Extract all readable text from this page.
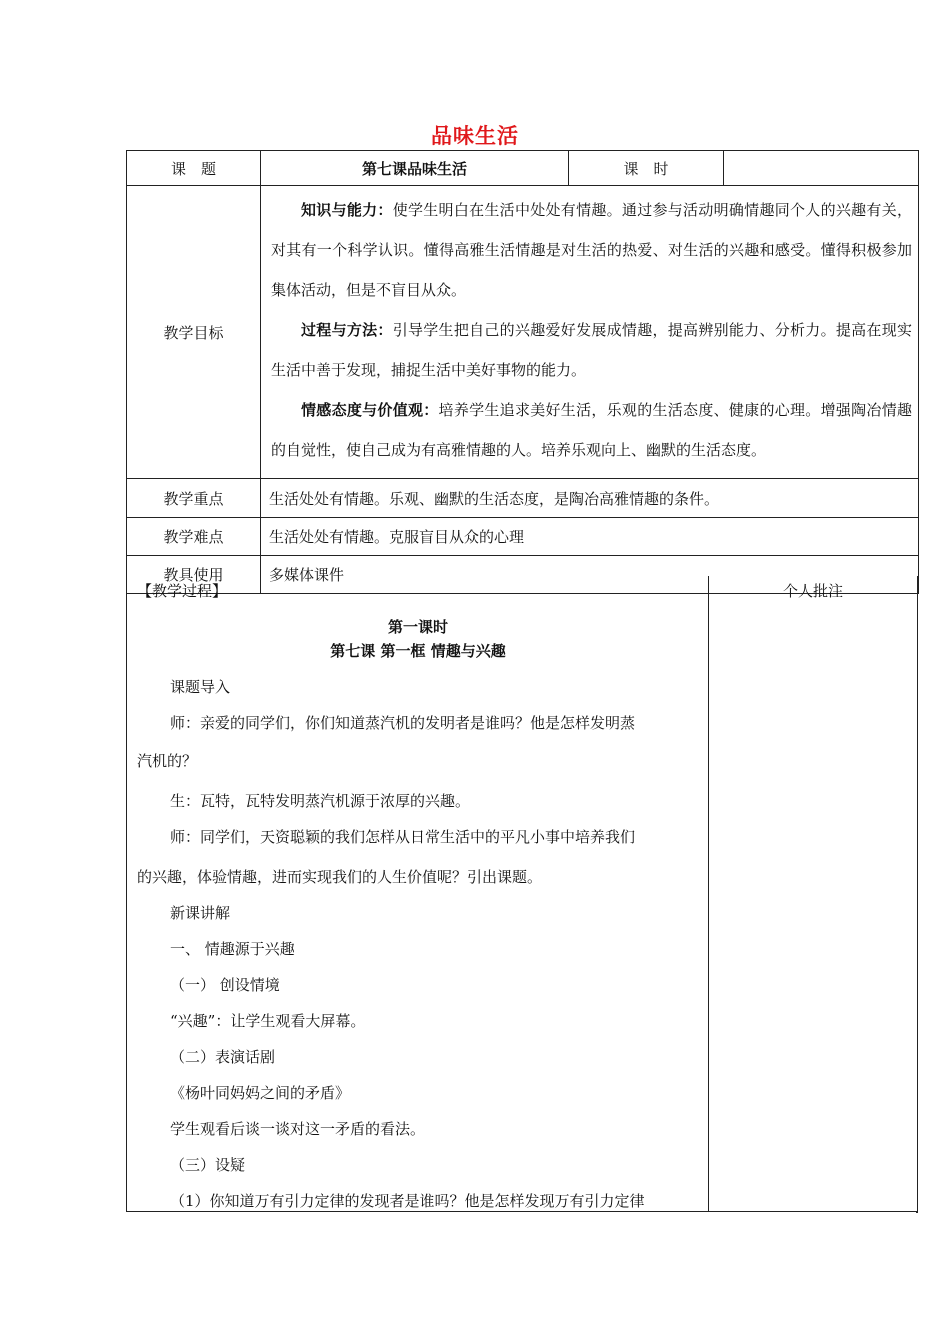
品味生活
课　题	第七课品味生活	课　时	
教学目标	知识与能力：使学生明白在生活中处处有情趣。通过参与活动明确情趣同个人的兴趣有关，对其有一个科学认识。懂得高雅生活情趣是对生活的热爱、对生活的兴趣和感受。懂得积极参加集体活动，但是不盲目从众。

过程与方法：引导学生把自己的兴趣爱好发展成情趣，提高辨别能力、分析力。提高在现实生活中善于发现，捕捉生活中美好事物的能力。

情感态度与价值观：培养学生追求美好生活，乐观的生活态度、健康的心理。增强陶冶情趣的自觉性，使自己成为有高雅情趣的人。培养乐观向上、幽默的生活态度。		

教学重点	生活处处有情趣。乐观、幽默的生活态度，是陶冶高雅情趣的条件。		
教学难点	生活处处有情趣。克服盲目从众的心理		
教具使用	多媒体课件		
【教学过程】
第一课时
第七课 第一框 情趣与兴趣
课题导入
师：亲爱的同学们，你们知道蒸汽机的发明者是谁吗？他是怎样发明蒸
汽机的？
生：瓦特，瓦特发明蒸汽机源于浓厚的兴趣。
师：同学们，天资聪颖的我们怎样从日常生活中的平凡小事中培养我们
的兴趣，体验情趣，进而实现我们的人生价值呢？引出课题。
新课讲解
一、 情趣源于兴趣
（一） 创设情境
“兴趣”：让学生观看大屏幕。
（二）表演话剧
《杨叶同妈妈之间的矛盾》
学生观看后谈一谈对这一矛盾的看法。
（三）设疑
（1）你知道万有引力定律的发现者是谁吗？他是怎样发现万有引力定律
个人批注
